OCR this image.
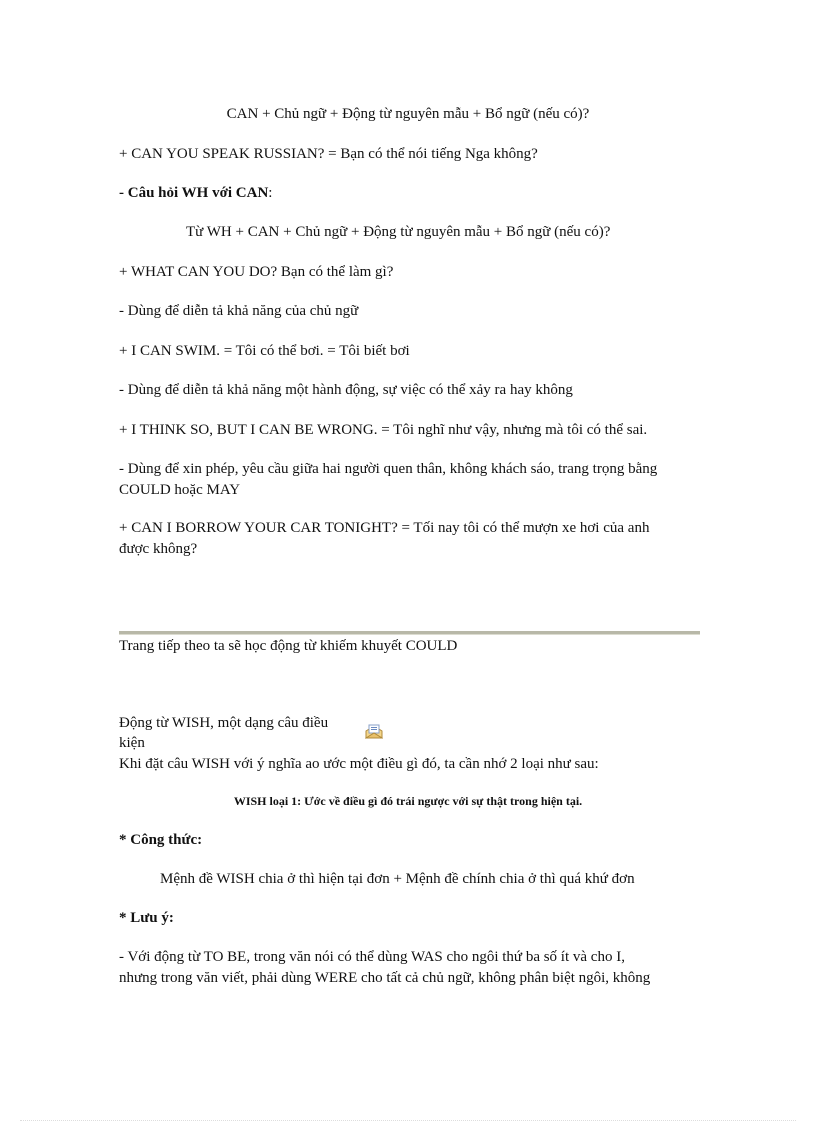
CAN + Chủ ngữ + Động từ nguyên mẫu + Bổ ngữ (nếu có)?
+ CAN YOU SPEAK RUSSIAN? = Bạn có thể nói tiếng Nga không?
- Câu hỏi WH với CAN:
Từ WH + CAN + Chủ ngữ + Động từ nguyên mẫu + Bổ ngữ (nếu có)?
+ WHAT CAN YOU DO? Bạn có thể làm gì?
- Dùng để diễn tả khả năng của chủ ngữ
+ I CAN SWIM. = Tôi có thể bơi. = Tôi biết bơi
- Dùng để diễn tả khả năng một hành động, sự việc có thể xảy ra hay không
+ I THINK SO, BUT I CAN BE WRONG. = Tôi nghĩ như vậy, nhưng mà tôi có thể sai.
- Dùng để xin phép, yêu cầu giữa hai người quen thân, không khách sáo, trang trọng bằng
COULD hoặc MAY
+ CAN I BORROW YOUR CAR TONIGHT? = Tối nay tôi có thể mượn xe hơi của anh
được không?
Trang tiếp theo ta sẽ học động từ khiếm khuyết COULD
Động từ WISH, một dạng câu điều
kiện
Khi đặt câu WISH với ý nghĩa ao ước một điều gì đó, ta cần nhớ 2 loại như sau:
WISH loại 1: Ước về điều gì đó trái ngược với sự thật trong hiện tại.
* Công thức:
Mệnh đề WISH chia ở thì hiện tại đơn + Mệnh đề chính chia ở thì quá khứ đơn
* Lưu ý:
- Với động từ TO BE, trong văn nói có thể dùng WAS cho ngôi thứ ba số ít và cho I,
nhưng trong văn viết, phải dùng WERE cho tất cả chủ ngữ, không phân biệt ngôi, không
